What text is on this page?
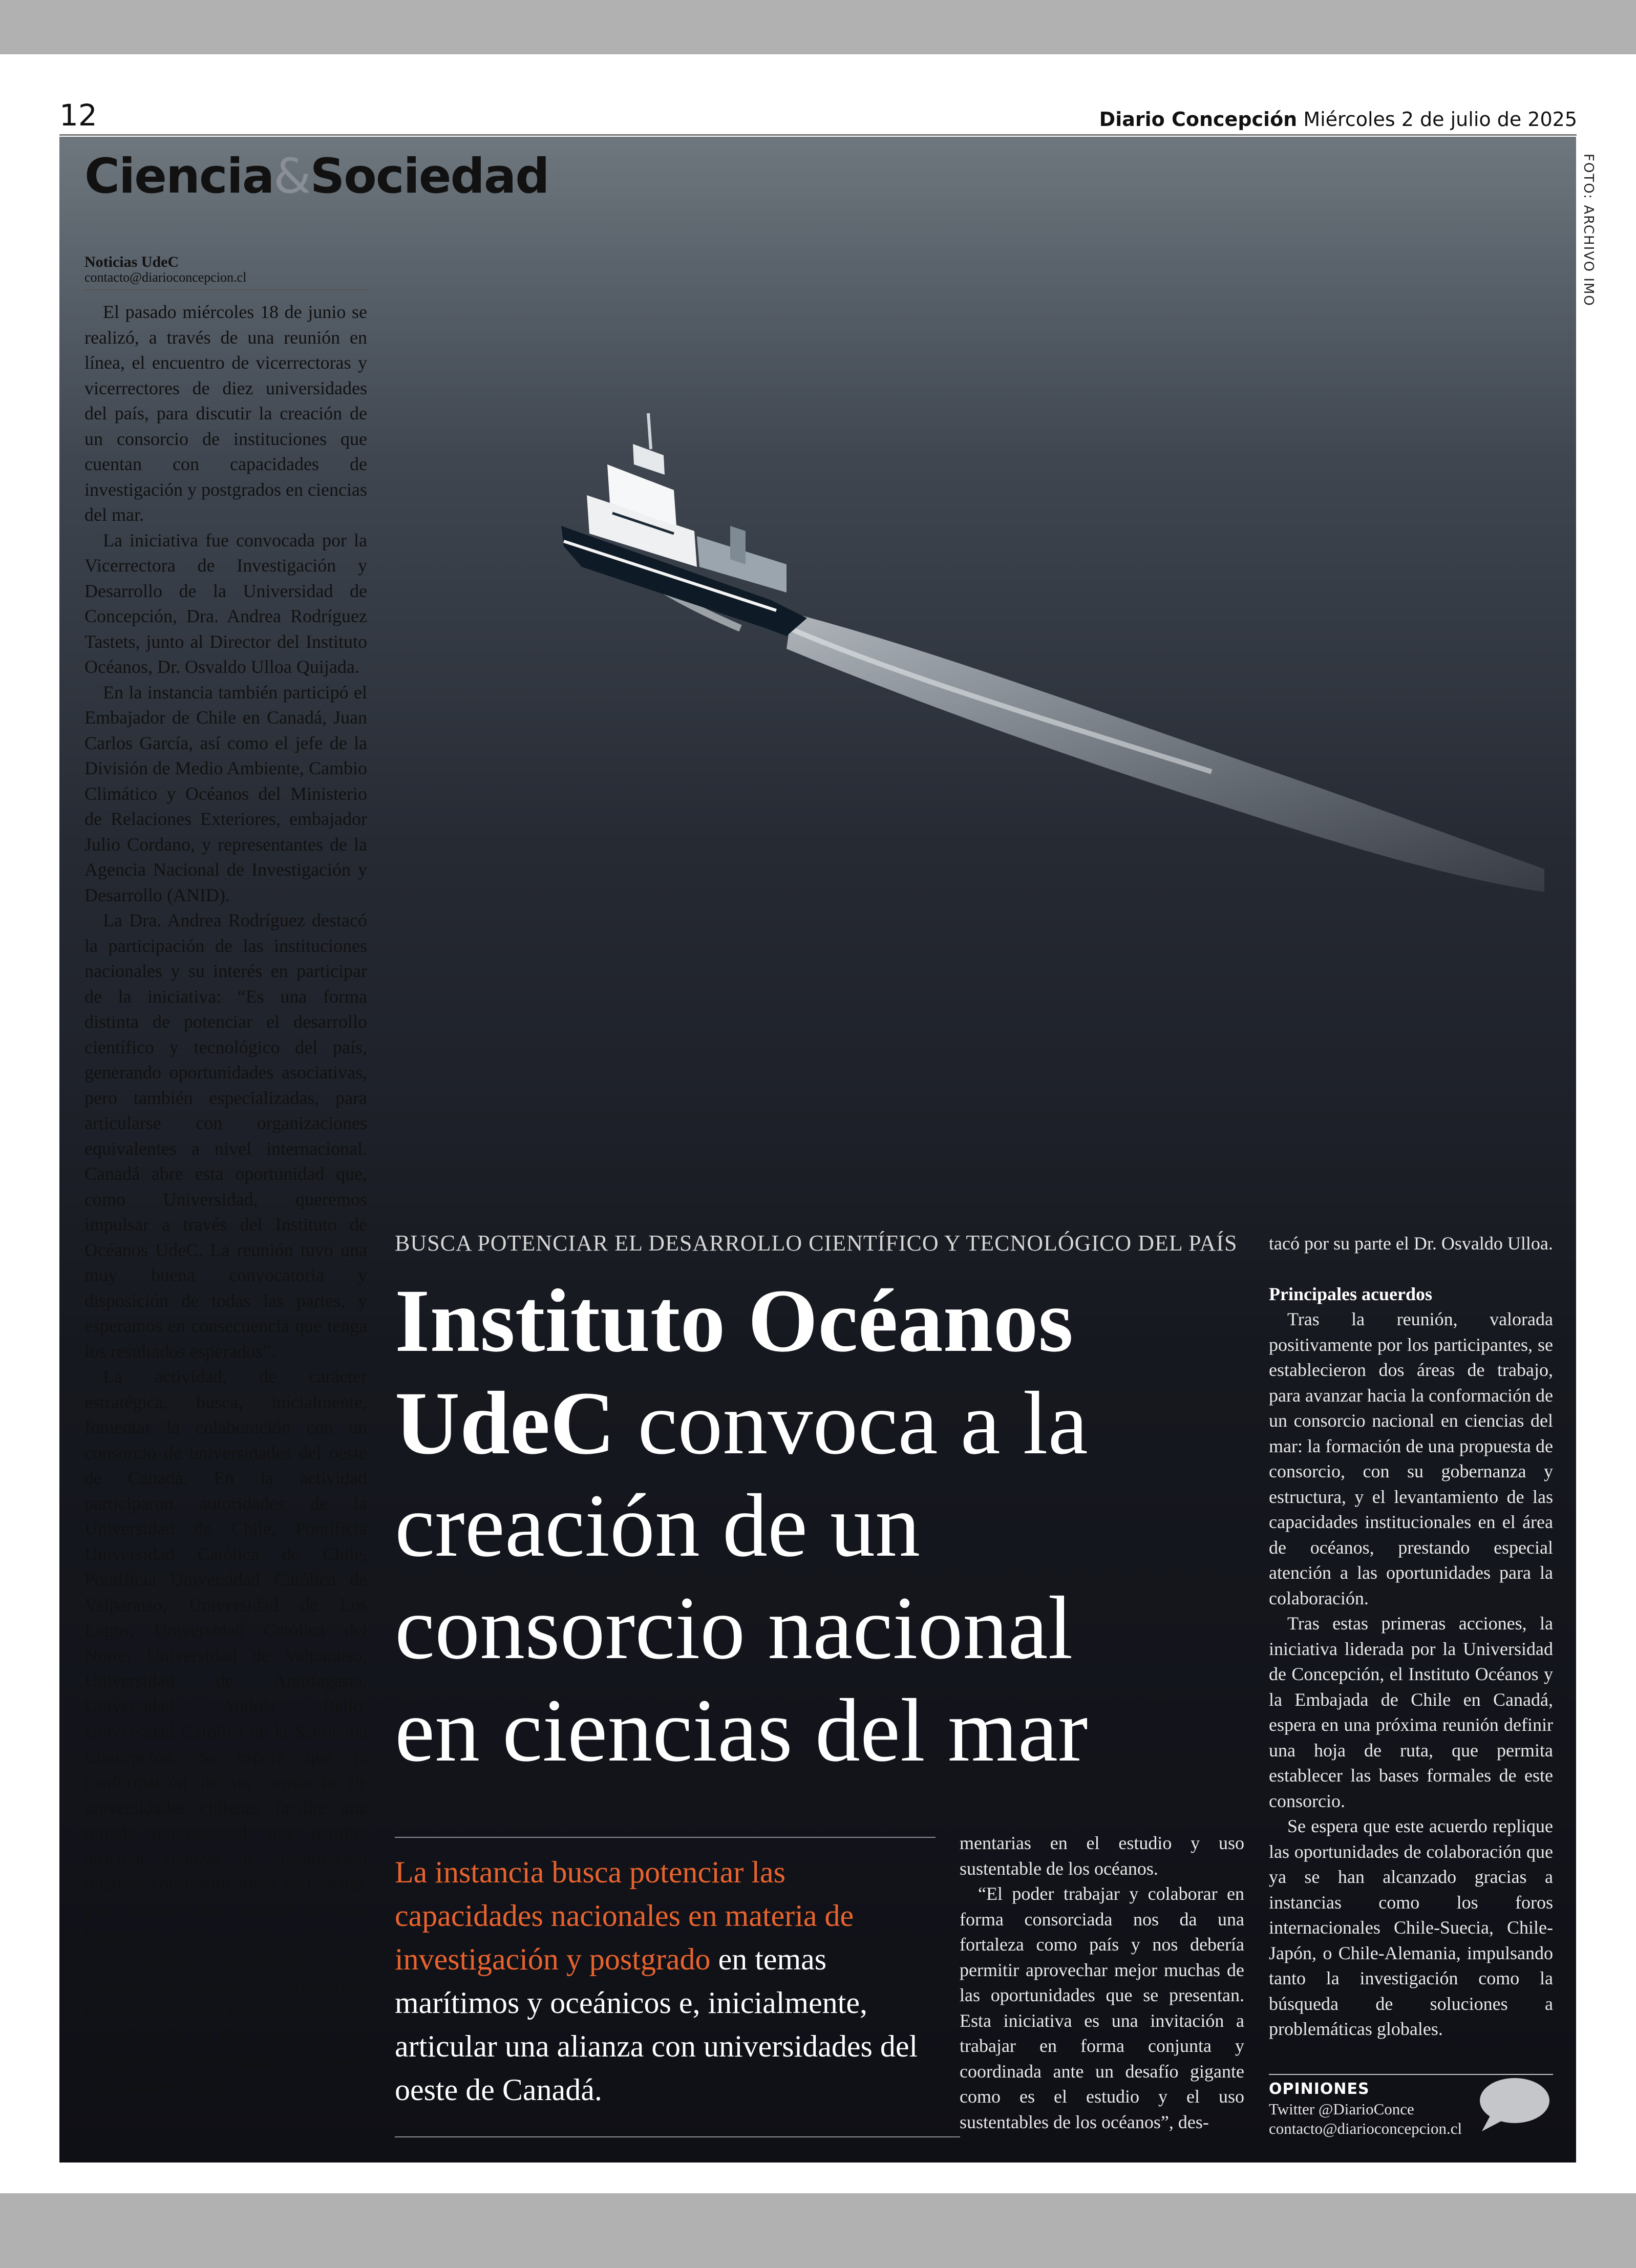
12	Diario Concepción Miércoles 2 de julio de 2025
FOTO: ARCHIVO IMO
Ciencia&Sociedad
Noticias UdeC
contacto@diarioconcepcion.cl

El pasado miércoles 18 de junio se realizó, a través de una reunión en línea, el encuentro de vicerrectoras y vicerrectores de diez universidades del país, para discutir la creación de un consorcio de instituciones que cuentan con capacidades de investigación y postgrados en ciencias del mar.

La iniciativa fue convocada por la Vicerrectora de Investigación y Desarrollo de la Universidad de Concepción, Dra. Andrea Rodríguez Tastets, junto al Director del Instituto Océanos, Dr. Osvaldo Ulloa Quijada.

En la instancia también participó el Embajador de Chile en Canadá, Juan Carlos García, así como el jefe de la División de Medio Ambiente, Cambio Climático y Océanos del Ministerio de Relaciones Exteriores, embajador Julio Cordano, y representantes de la Agencia Nacional de Investigación y Desarrollo (ANID).

La Dra. Andrea Rodríguez destacó la participación de las instituciones nacionales y su interés en participar de la iniciativa: “Es una forma distinta de potenciar el desarrollo científico y tecnológico del país, generando oportunidades asociativas, pero también especializadas, para articularse con organizaciones equivalentes a nivel internacional. Canadá abre esta oportunidad que, como Universidad, queremos impulsar a través del Instituto de Océanos UdeC. La reunión tuvo una muy buena convocatoria y disposición de todas las partes, y esperamos en consecuencia que tenga los resultados esperados”.

La actividad, de carácter estratégica, busca, inicialmente, fomentar la colaboración con un consorcio de universidades del oeste de Canadá. En la actividad participaron autoridades de la Universidad de Chile, Pontificia Universidad Católica de Chile, Pontificia Universidad Católica de Valparaíso, Universidad de Los Lagos, Universidad Católica del Norte, Universidad de Valparaíso, Universidad de Antofagasta, Universidad Andrés Bello, Universidad Católica de la Santísima Concepción. Se espera que la conformación de un consorcio de universidades chilenas facilite una mirada internacional, que permita articular alianzas de colaboración bilateral con instituciones en Canadá, pero también más adelante de otras latitudes.

El trabajo coordinado entre instituciones chilenas y canadienses es bien ponderado, pues potenciaría la investigación en dos territorios que comparten características y poseen capacidades comple-

BUSCA POTENCIAR EL DESARROLLO CIENTÍFICO Y TECNOLÓGICO DEL PAÍS
Instituto Océanos
UdeC convoca a la
creación de un
consorcio nacional
en ciencias del mar
La instancia busca potenciar las capacidades nacionales en materia de investigación y postgrado en temas marítimos y oceánicos e, inicialmente, articular una alianza con universidades del oeste de Canadá.

mentarias en el estudio y uso sustentable de los océanos.

“El poder trabajar y colaborar en forma consorciada nos da una fortaleza como país y nos debería permitir aprovechar mejor muchas de las oportunidades que se presentan. Esta iniciativa es una invitación a trabajar en forma conjunta y coordinada ante un desafío gigante como es el estudio y el uso sustentables de los océanos”, des-

tacó por su parte el Dr. Osvaldo Ulloa.

Principales acuerdos

Tras la reunión, valorada positivamente por los participantes, se establecieron dos áreas de trabajo, para avanzar hacia la conformación de un consorcio nacional en ciencias del mar: la formación de una propuesta de consorcio, con su gobernanza y estructura, y el levantamiento de las capacidades institucionales en el área de océanos, prestando especial atención a las oportunidades para la colaboración.

Tras estas primeras acciones, la iniciativa liderada por la Universidad de Concepción, el Instituto Océanos y la Embajada de Chile en Canadá, espera en una próxima reunión definir una hoja de ruta, que permita establecer las bases formales de este consorcio.

Se espera que este acuerdo replique las oportunidades de colaboración que ya se han alcanzado gracias a instancias como los foros internacionales Chile-Suecia, Chile-Japón, o Chile-Alemania, impulsando tanto la investigación como la búsqueda de soluciones a problemáticas globales.

OPINIONES
Twitter @DiarioConce
contacto@diarioconcepcion.cl
